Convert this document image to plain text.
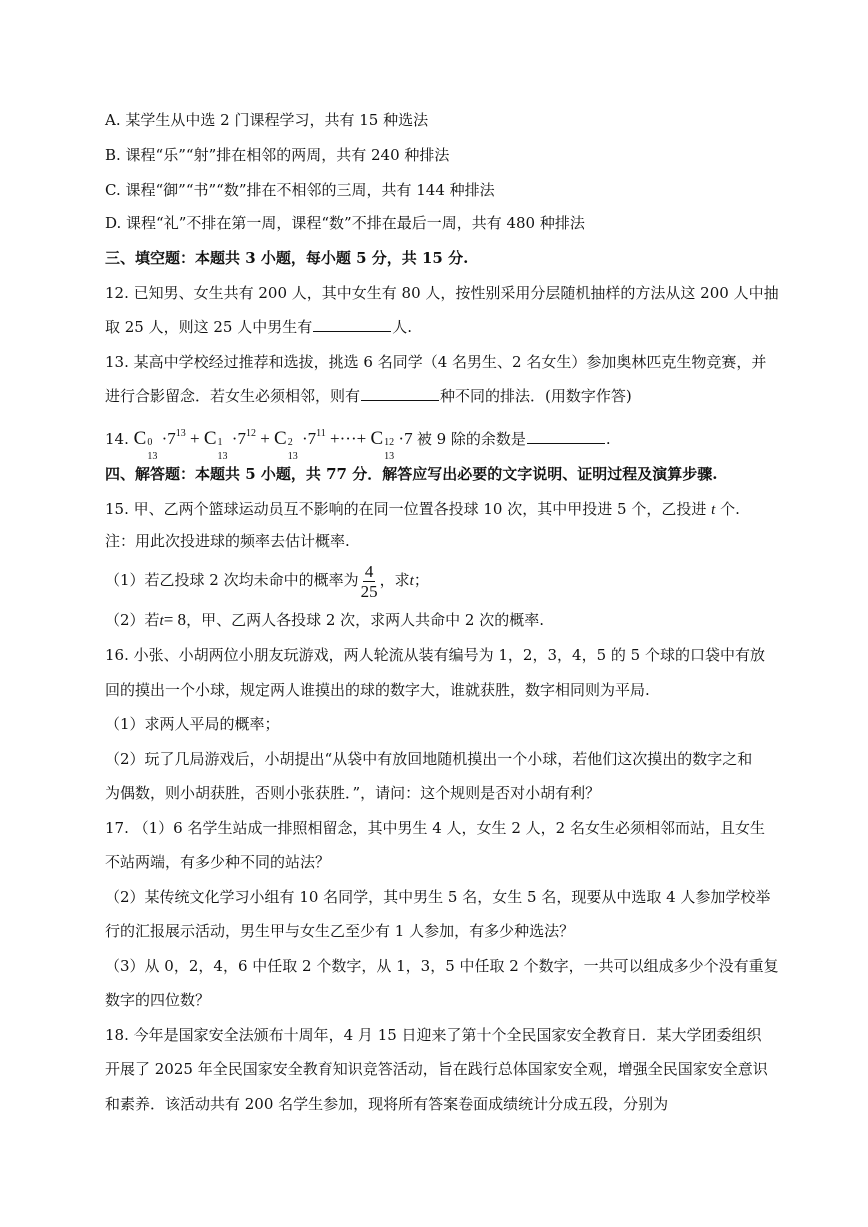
A. 某学生从中选 2 门课程学习，共有 15 种选法
B. 课程“乐”“射”排在相邻的两周，共有 240 种排法
C. 课程“御”“书”“数”排在不相邻的三周，共有 144 种排法
D. 课程“礼”不排在第一周，课程“数”不排在最后一周，共有 480 种排法
三、填空题：本题共 3 小题，每小题 5 分，共 15 分.
12. 已知男、女生共有 200 人，其中女生有 80 人，按性别采用分层随机抽样的方法从这 200 人中抽
取 25 人，则这 25 人中男生有	人.
13. 某高中学校经过推荐和选拔，挑选 6 名同学（4 名男生、2 名女生）参加奥林匹克生物竞赛，并
进行合影留念．若女生必须相邻，则有	种不同的排法．(用数字作答)
14. C 0
13
$\cdot 7^{13} + C$ 1
13
$\cdot 7^{12} + C$ 2
13
$\cdot 7^{11}$ +···+ C 12
13
·7 被 9 除的余数是	.
四、解答题：本题共 5 小题，共 77 分．解答应写出必要的文字说明、证明过程及演算步骤.
15. 甲、乙两个篮球运动员互不影响的在同一位置各投球 10 次，其中甲投进 5 个，乙投进 t 个.
注：用此次投进球的频率去估计概率.
（1）若乙投球 2 次均未命中的概率为 $\frac{4}{25}$ ，求t；
（2）若t= 8，甲、乙两人各投球 2 次，求两人共命中 2 次的概率.
16. 小张、小胡两位小朋友玩游戏，两人轮流从装有编号为 1，2，3，4，5 的 5 个球的口袋中有放
回的摸出一个小球，规定两人谁摸出的球的数字大，谁就获胜，数字相同则为平局.
（1）求两人平局的概率；
（2）玩了几局游戏后，小胡提出“从袋中有放回地随机摸出一个小球，若他们这次摸出的数字之和
为偶数，则小胡获胜，否则小张获胜．”，请问：这个规则是否对小胡有利？
17. （1）6 名学生站成一排照相留念，其中男生 4 人，女生 2 人，2 名女生必须相邻而站，且女生
不站两端，有多少种不同的站法？
（2）某传统文化学习小组有 10 名同学，其中男生 5 名，女生 5 名，现要从中选取 4 人参加学校举
行的汇报展示活动，男生甲与女生乙至少有 1 人参加，有多少种选法？
（3）从 0，2，4，6 中任取 2 个数字，从 1，3，5 中任取 2 个数字，一共可以组成多少个没有重复
数字的四位数？
18. 今年是国家安全法颁布十周年，4 月 15 日迎来了第十个全民国家安全教育日．某大学团委组织
开展了 2025 年全民国家安全教育知识竞答活动，旨在践行总体国家安全观，增强全民国家安全意识
和素养．该活动共有 200 名学生参加，现将所有答案卷面成绩统计分成五段，分别为
